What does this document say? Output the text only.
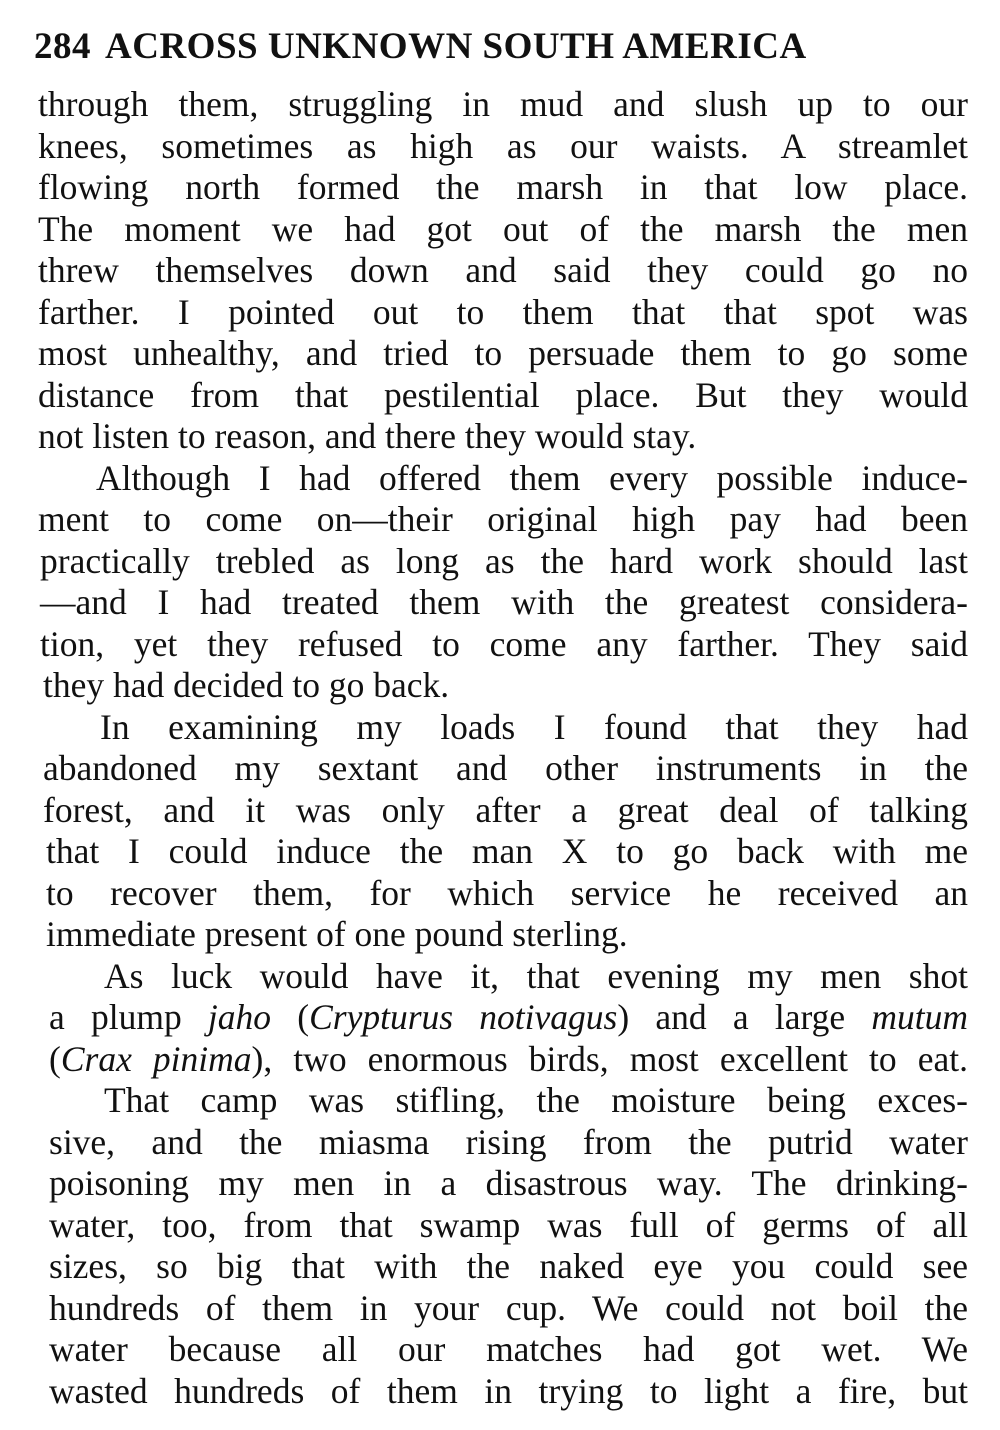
284 ACROSS UNKNOWN SOUTH AMERICA
through them, struggling in mud and slush up to our
knees, sometimes as high as our waists. A streamlet
flowing north formed the marsh in that low place.
The moment we had got out of the marsh the men
threw themselves down and said they could go no
farther. I pointed out to them that that spot was
most unhealthy, and tried to persuade them to go some
distance from that pestilential place. But they would
not listen to reason, and there they would stay.
Although I had offered them every possible induce-
ment to come on—their original high pay had been
practically trebled as long as the hard work should last
—and I had treated them with the greatest considera-
tion, yet they refused to come any farther. They said
they had decided to go back.
In examining my loads I found that they had
abandoned my sextant and other instruments in the
forest, and it was only after a great deal of talking
that I could induce the man X to go back with me
to recover them, for which service he received an
immediate present of one pound sterling.
As luck would have it, that evening my men shot
a plump jaho (Crypturus notivagus) and a large mutum
(Crax pinima), two enormous birds, most excellent to eat.
That camp was stifling, the moisture being exces-
sive, and the miasma rising from the putrid water
poisoning my men in a disastrous way. The drinking-
water, too, from that swamp was full of germs of all
sizes, so big that with the naked eye you could see
hundreds of them in your cup. We could not boil the
water because all our matches had got wet. We
wasted hundreds of them in trying to light a fire, but
